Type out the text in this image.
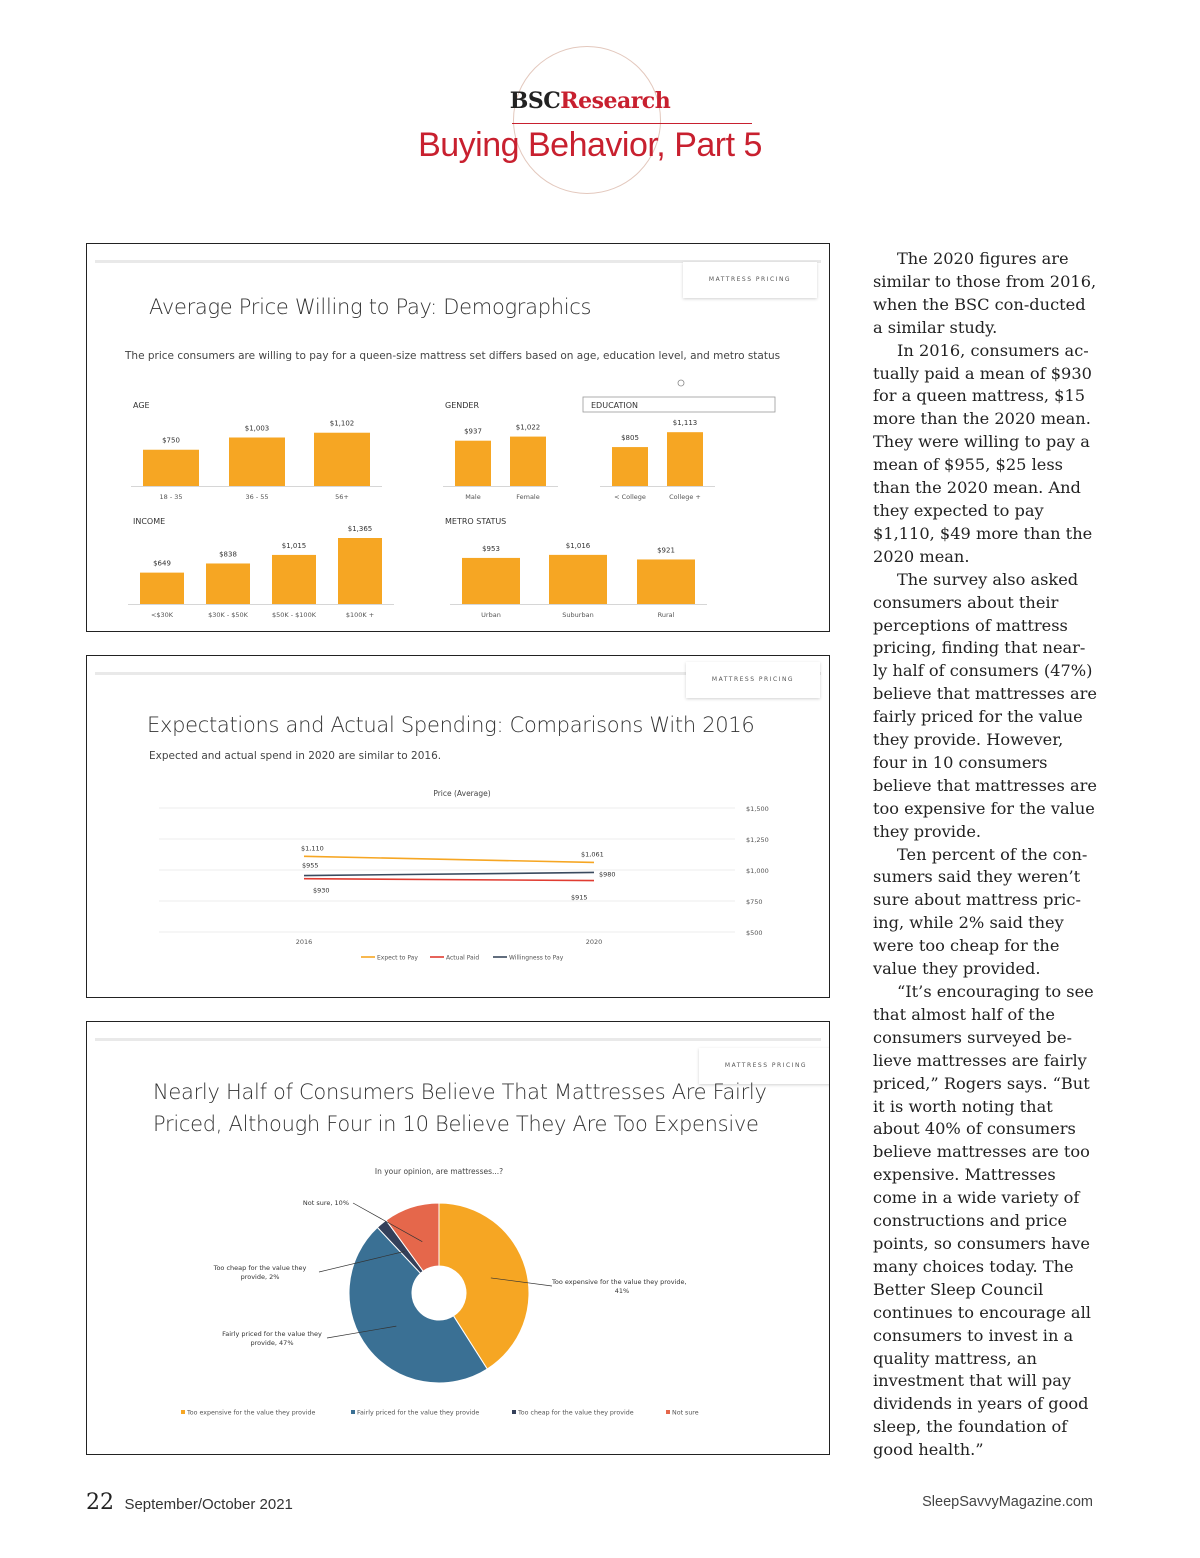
BSCResearch
Buying Behavior, Part 5
MATTRESS PRICING
Average Price Willing to Pay: Demographics
The price consumers are willing to pay for a queen-size mattress set differs based on age, education level, and metro status
AGE
$750
18 - 35
$1,003
36 - 55
$1,102
56+
GENDER
$937
Male
$1,022
Female
EDUCATION
$805
< College
$1,113
College +
INCOME
$649
<$30K
$838
$30K - $50K
$1,015
$50K - $100K
$1,365
$100K +
METRO STATUS
$953
Urban
$1,016
Suburban
$921
Rural
MATTRESS PRICING
Expectations and Actual Spending: Comparisons With 2016
Expected and actual spend in 2020 are similar to 2016.
Price (Average)
$1,500
$1,250
$1,000
$750
$500
2016	2020
$1,110
$1,061
$930
$915
$955
$980
Expect to Pay	Actual Paid	Willingness to Pay
MATTRESS PRICING
Nearly Half of Consumers Believe That Mattresses Are Fairly
Priced, Although Four in 10 Believe They Are Too Expensive
In your opinion, are mattresses...?
Too expensive for the value they provide,
41%
Fairly priced for the value they
provide, 47%
Too cheap for the value they
provide, 2%
Not sure, 10%
Too expensive for the value they provide	Fairly priced for the value they provide	Too cheap for the value they provide	Not sure

The 2020 figures are similar to those from 2016, when the BSC con-ducted a similar study.

In 2016, consumers ac-tually paid a mean of $930 for a queen mattress, $15 more than the 2020 mean. They were willing to pay a mean of $955, $25 less than the 2020 mean. And they expected to pay $1,110, $49 more than the 2020 mean.

The survey also asked consumers about their perceptions of mattress pricing, finding that near-ly half of consumers (47%) believe that mattresses are fairly priced for the value they provide. However, four in 10 consumers believe that mattresses are too expensive for the value they provide.

Ten percent of the con-sumers said they weren’t sure about mattress pric-ing, while 2% said they were too cheap for the value they provided.

“It’s encouraging to see that almost half of the consumers surveyed be-lieve mattresses are fairly priced,” Rogers says. “But it is worth noting that about 40% of consumers believe mattresses are too expensive. Mattresses come in a wide variety of constructions and price points, so consumers have many choices today. The Better Sleep Council continues to encourage all consumers to invest in a quality mattress, an investment that will pay dividends in years of good sleep, the foundation of good health.”

22 September/October 2021	SleepSavvyMagazine.com
